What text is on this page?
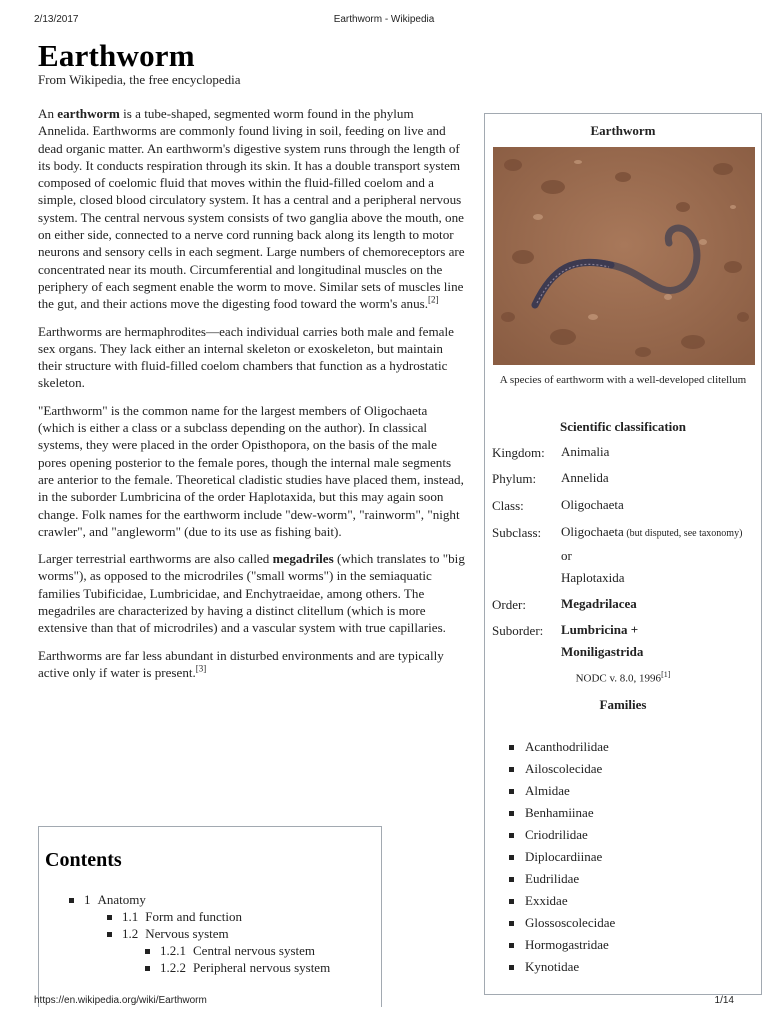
2/13/2017	Earthworm - Wikipedia
Earthworm
From Wikipedia, the free encyclopedia

An earthworm is a tube-shaped, segmented worm found in the phylum Annelida. Earthworms are commonly found living in soil, feeding on live and dead organic matter. An earthworm's digestive system runs through the length of its body. It conducts respiration through its skin. It has a double transport system composed of coelomic fluid that moves within the fluid-filled coelom and a simple, closed blood circulatory system. It has a central and a peripheral nervous system. The central nervous system consists of two ganglia above the mouth, one on either side, connected to a nerve cord running back along its length to motor neurons and sensory cells in each segment. Large numbers of chemoreceptors are concentrated near its mouth. Circumferential and longitudinal muscles on the periphery of each segment enable the worm to move. Similar sets of muscles line the gut, and their actions move the digesting food toward the worm's anus.[2]

Earthworms are hermaphrodites—each individual carries both male and female sex organs. They lack either an internal skeleton or exoskeleton, but maintain their structure with fluid-filled coelom chambers that function as a hydrostatic skeleton.

"Earthworm" is the common name for the largest members of Oligochaeta (which is either a class or a subclass depending on the author). In classical systems, they were placed in the order Opisthopora, on the basis of the male pores opening posterior to the female pores, though the internal male segments are anterior to the female. Theoretical cladistic studies have placed them, instead, in the suborder Lumbricina of the order Haplotaxida, but this may again soon change. Folk names for the earthworm include "dew-worm", "rainworm", "night crawler", and "angleworm" (due to its use as fishing bait).

Larger terrestrial earthworms are also called megadriles (which translates to "big worms"), as opposed to the microdriles ("small worms") in the semiaquatic families Tubificidae, Lumbricidae, and Enchytraeidae, among others. The megadriles are characterized by having a distinct clitellum (which is more extensive than that of microdriles) and a vascular system with true capillaries.

Earthworms are far less abundant in disturbed environments and are typically active only if water is present.[3]

Contents
1 Anatomy
1.1 Form and function
1.2 Nervous system
1.2.1 Central nervous system
1.2.2 Peripheral nervous system
Earthworm
A species of earthworm with a well-developed clitellum
Scientific classification
Kingdom: Animalia
Phylum: Annelida
Class:	Oligochaeta
Subclass: Oligochaeta (but disputed, see taxonomy) or
Haplotaxida
Order:	Megadrilacea
Suborder: Lumbricina +
Moniligastrida
NODC v. 8.0, 1996[1]
Families
Acanthodrilidae
Ailoscolecidae
Almidae
Benhamiinae
Criodrilidae
Diplocardiinae
Eudrilidae
Exxidae
Glossoscolecidae
Hormogastridae
Kynotidae
https://en.wikipedia.org/wiki/Earthworm	1/14
